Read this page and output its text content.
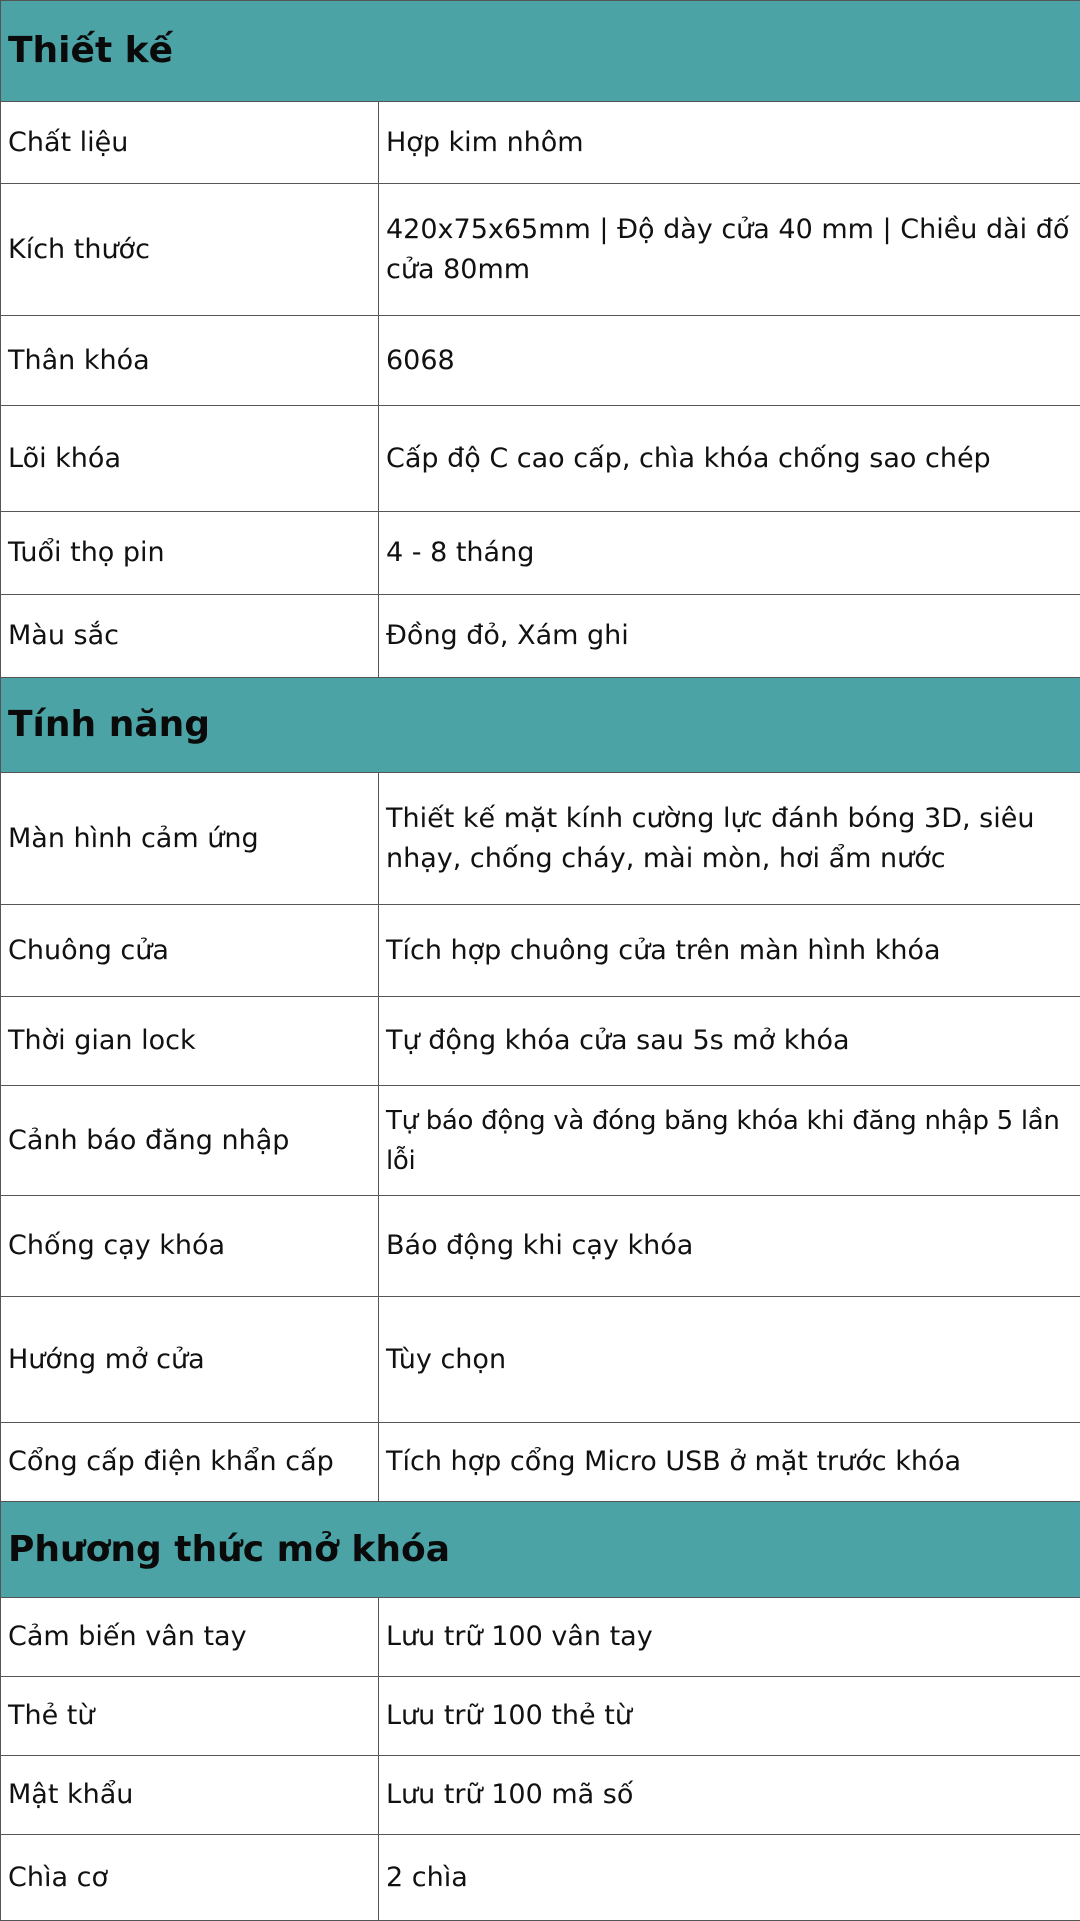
Thiết kế	
Chất liệu	Hợp kim nhôm
Kích thước	420x75x65mm | Độ dày cửa 40 mm | Chiều dài đố cửa 80mm
Thân khóa	6068
Lõi khóa	Cấp độ C cao cấp, chìa khóa chống sao chép
Tuổi thọ pin	4 - 8 tháng
Màu sắc	Đồng đỏ, Xám ghi
Tính năng	
Màn hình cảm ứng	Thiết kế mặt kính cường lực đánh bóng 3D, siêu nhạy, chống cháy, mài mòn, hơi ẩm nước
Chuông cửa	Tích hợp chuông cửa trên màn hình khóa
Thời gian lock	Tự động khóa cửa sau 5s mở khóa
Cảnh báo đăng nhập	Tự báo động và đóng băng khóa khi đăng nhập 5 lần lỗi
Chống cạy khóa	Báo động khi cạy khóa
Hướng mở cửa	Tùy chọn
Cổng cấp điện khẩn cấp	Tích hợp cổng Micro USB ở mặt trước khóa
Phương thức mở khóa	
Cảm biến vân tay	Lưu trữ 100 vân tay
Thẻ từ	Lưu trữ 100 thẻ từ
Mật khẩu	Lưu trữ 100 mã số
Chìa cơ	2 chìa
